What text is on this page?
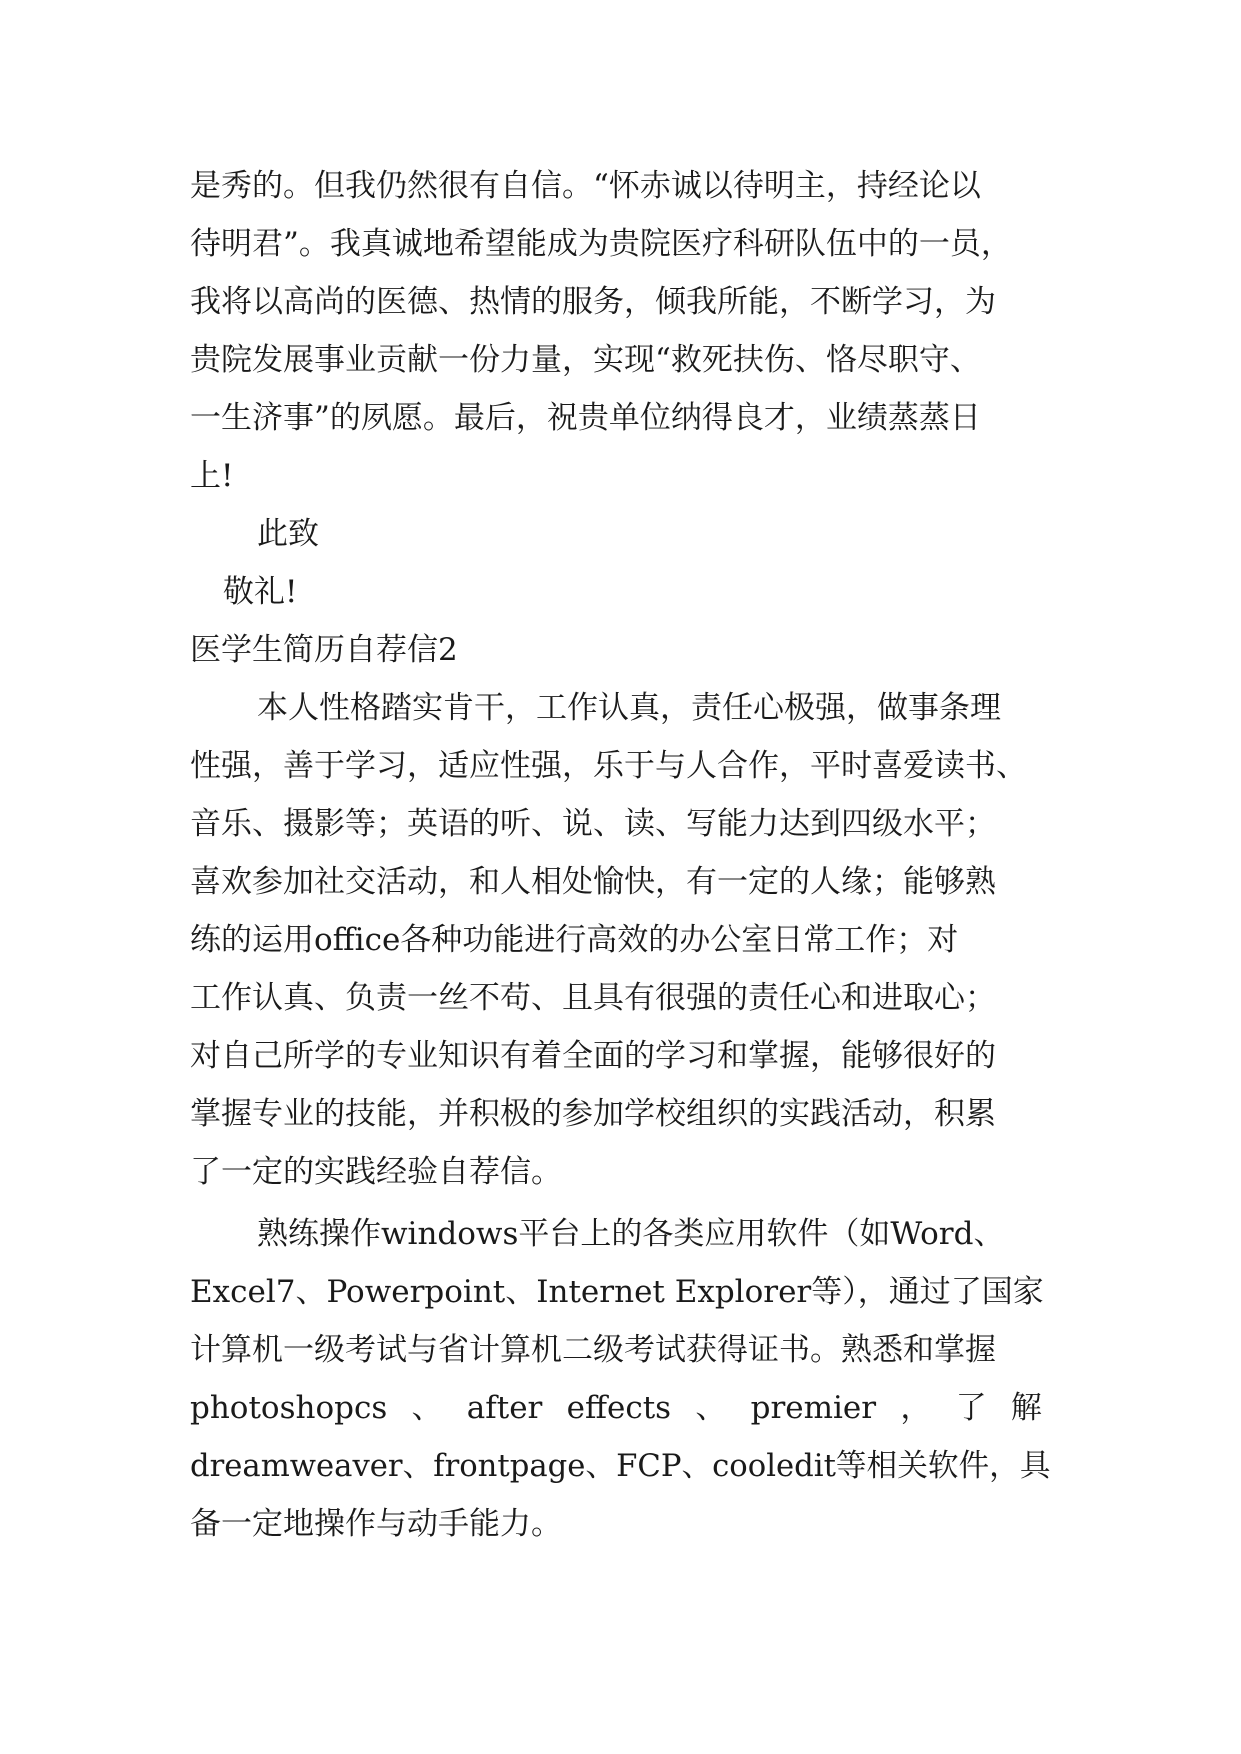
是秀的。但我仍然很有自信。“怀赤诚以待明主，持经论以
待明君”。我真诚地希望能成为贵院医疗科研队伍中的一员，
我将以高尚的医德、热情的服务，倾我所能，不断学习，为
贵院发展事业贡献一份力量，实现“救死扶伤、恪尽职守、
一生济事”的夙愿。最后，祝贵单位纳得良才，业绩蒸蒸日
上!
此致
敬礼!
医学生简历自荐信2
本人性格踏实肯干，工作认真，责任心极强，做事条理
性强，善于学习，适应性强，乐于与人合作，平时喜爱读书、
音乐、摄影等；英语的听、说、读、写能力达到四级水平；
喜欢参加社交活动，和人相处愉快，有一定的人缘；能够熟
练的运用office各种功能进行高效的办公室日常工作；对
工作认真、负责一丝不苟、且具有很强的责任心和进取心；
对自己所学的专业知识有着全面的学习和掌握，能够很好的
掌握专业的技能，并积极的参加学校组织的实践活动，积累
了一定的实践经验自荐信。
熟练操作windows平台上的各类应用软件（如Word、
Excel7、Powerpoint、Internet Explorer等），通过了国家
计算机一级考试与省计算机二级考试获得证书。熟悉和掌握
photoshopcs 、 after effects 、 premier ， 了 解
dreamweaver、frontpage、FCP、cooledit等相关软件，具
备一定地操作与动手能力。
